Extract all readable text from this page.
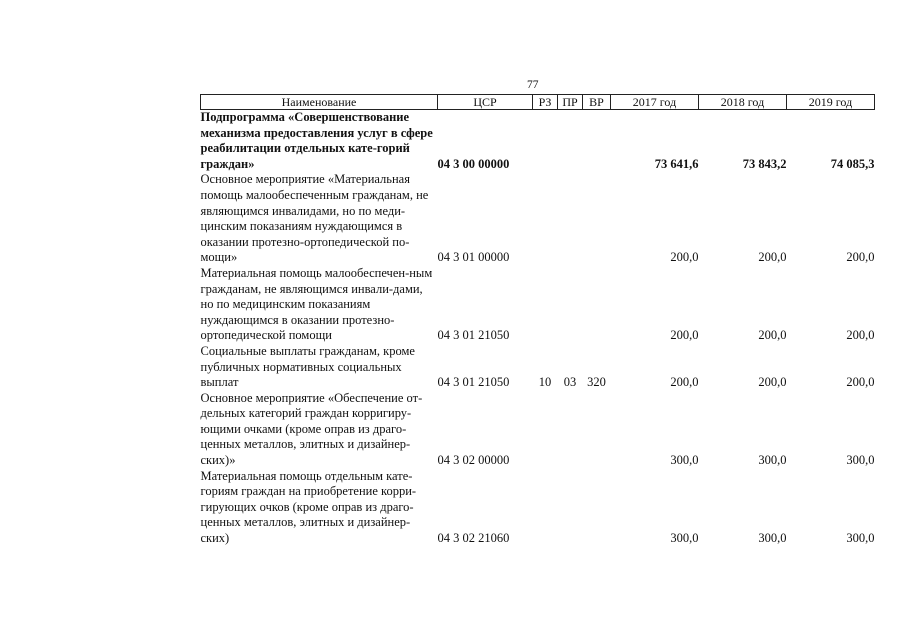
77
Наименование	ЦСР	РЗ	ПР	ВР	2017 год	2018 год	2019 год
Подпрограмма «Совершенствование механизма предоставления услуг в сфере реабилитации отдельных кате-горий граждан»	04 3 00 00000				73 641,6	73 843,2	74 085,3
Основное мероприятие «Материальная помощь малообеспеченным гражданам, не являющимся инвалидами, но по меди-цинским показаниям нуждающимся в оказании протезно-ортопедической по-мощи»	04 3 01 00000				200,0	200,0	200,0
Материальная помощь малообеспечен-ным гражданам, не являющимся инвали-дами, но по медицинским показаниям нуждающимся в оказании протезно-ортопедической помощи	04 3 01 21050				200,0	200,0	200,0
Социальные выплаты гражданам, кроме публичных нормативных социальных выплат	04 3 01 21050	10	03	320	200,0	200,0	200,0
Основное мероприятие «Обеспечение от-дельных категорий граждан корригиру-ющими очками (кроме оправ из драго-ценных металлов, элитных и дизайнер-ских)»	04 3 02 00000				300,0	300,0	300,0
Материальная помощь отдельным кате-гориям граждан на приобретение корри-гирующих очков (кроме оправ из драго-ценных металлов, элитных и дизайнер-ских)	04 3 02 21060				300,0	300,0	300,0
